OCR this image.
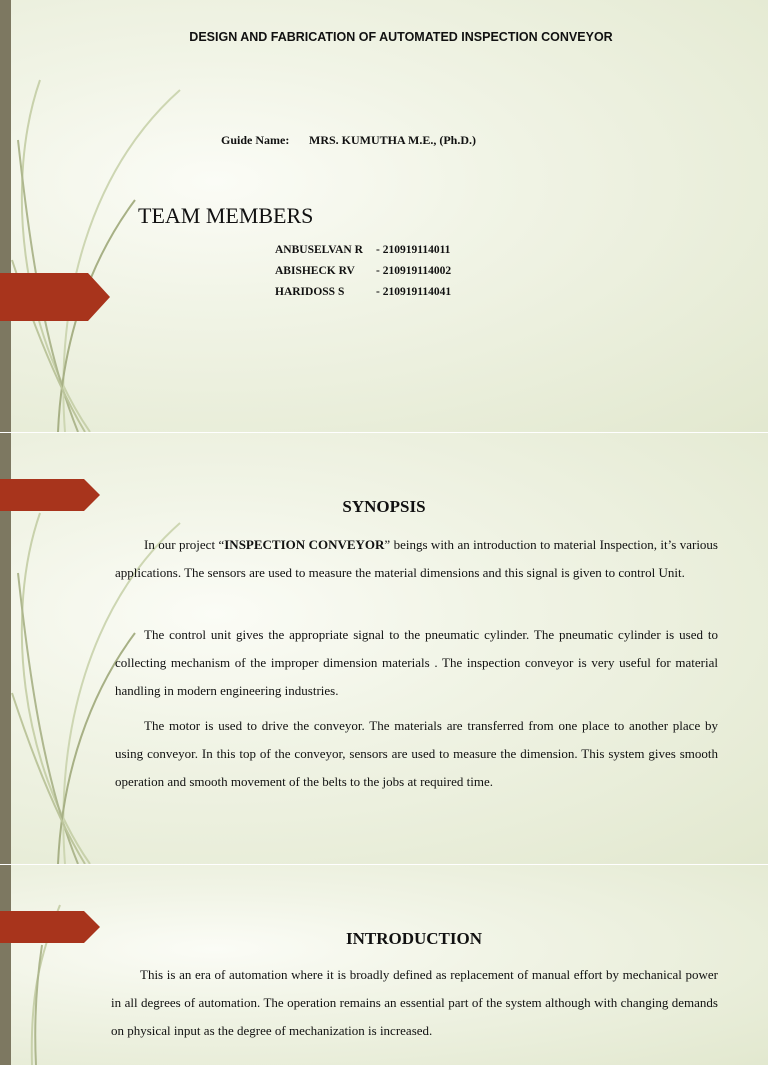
DESIGN AND FABRICATION OF AUTOMATED INSPECTION CONVEYOR
Guide Name: MRS. KUMUTHA M.E., (Ph.D.)
TEAM MEMBERS
ANBUSELVAN R - 210919114011
ABISHECK RV - 210919114002
HARIDOSS S	- 210919114041
SYNOPSIS

In our project “INSPECTION CONVEYOR” beings with an introduction to material Inspection, it’s various applications. The sensors are used to measure the material dimensions and this signal is given to control Unit.

The control unit gives the appropriate signal to the pneumatic cylinder. The pneumatic cylinder is used to collecting mechanism of the improper dimension materials . The inspection conveyor is very useful for material handling in modern engineering industries.

The motor is used to drive the conveyor. The materials are transferred from one place to another place by using conveyor. In this top of the conveyor, sensors are used to measure the dimension. This system gives smooth operation and smooth movement of the belts to the jobs at required time.

INTRODUCTION

This is an era of automation where it is broadly defined as replacement of manual effort by mechanical power in all degrees of automation. The operation remains an essential part of the system although with changing demands on physical input as the degree of mechanization is increased.
